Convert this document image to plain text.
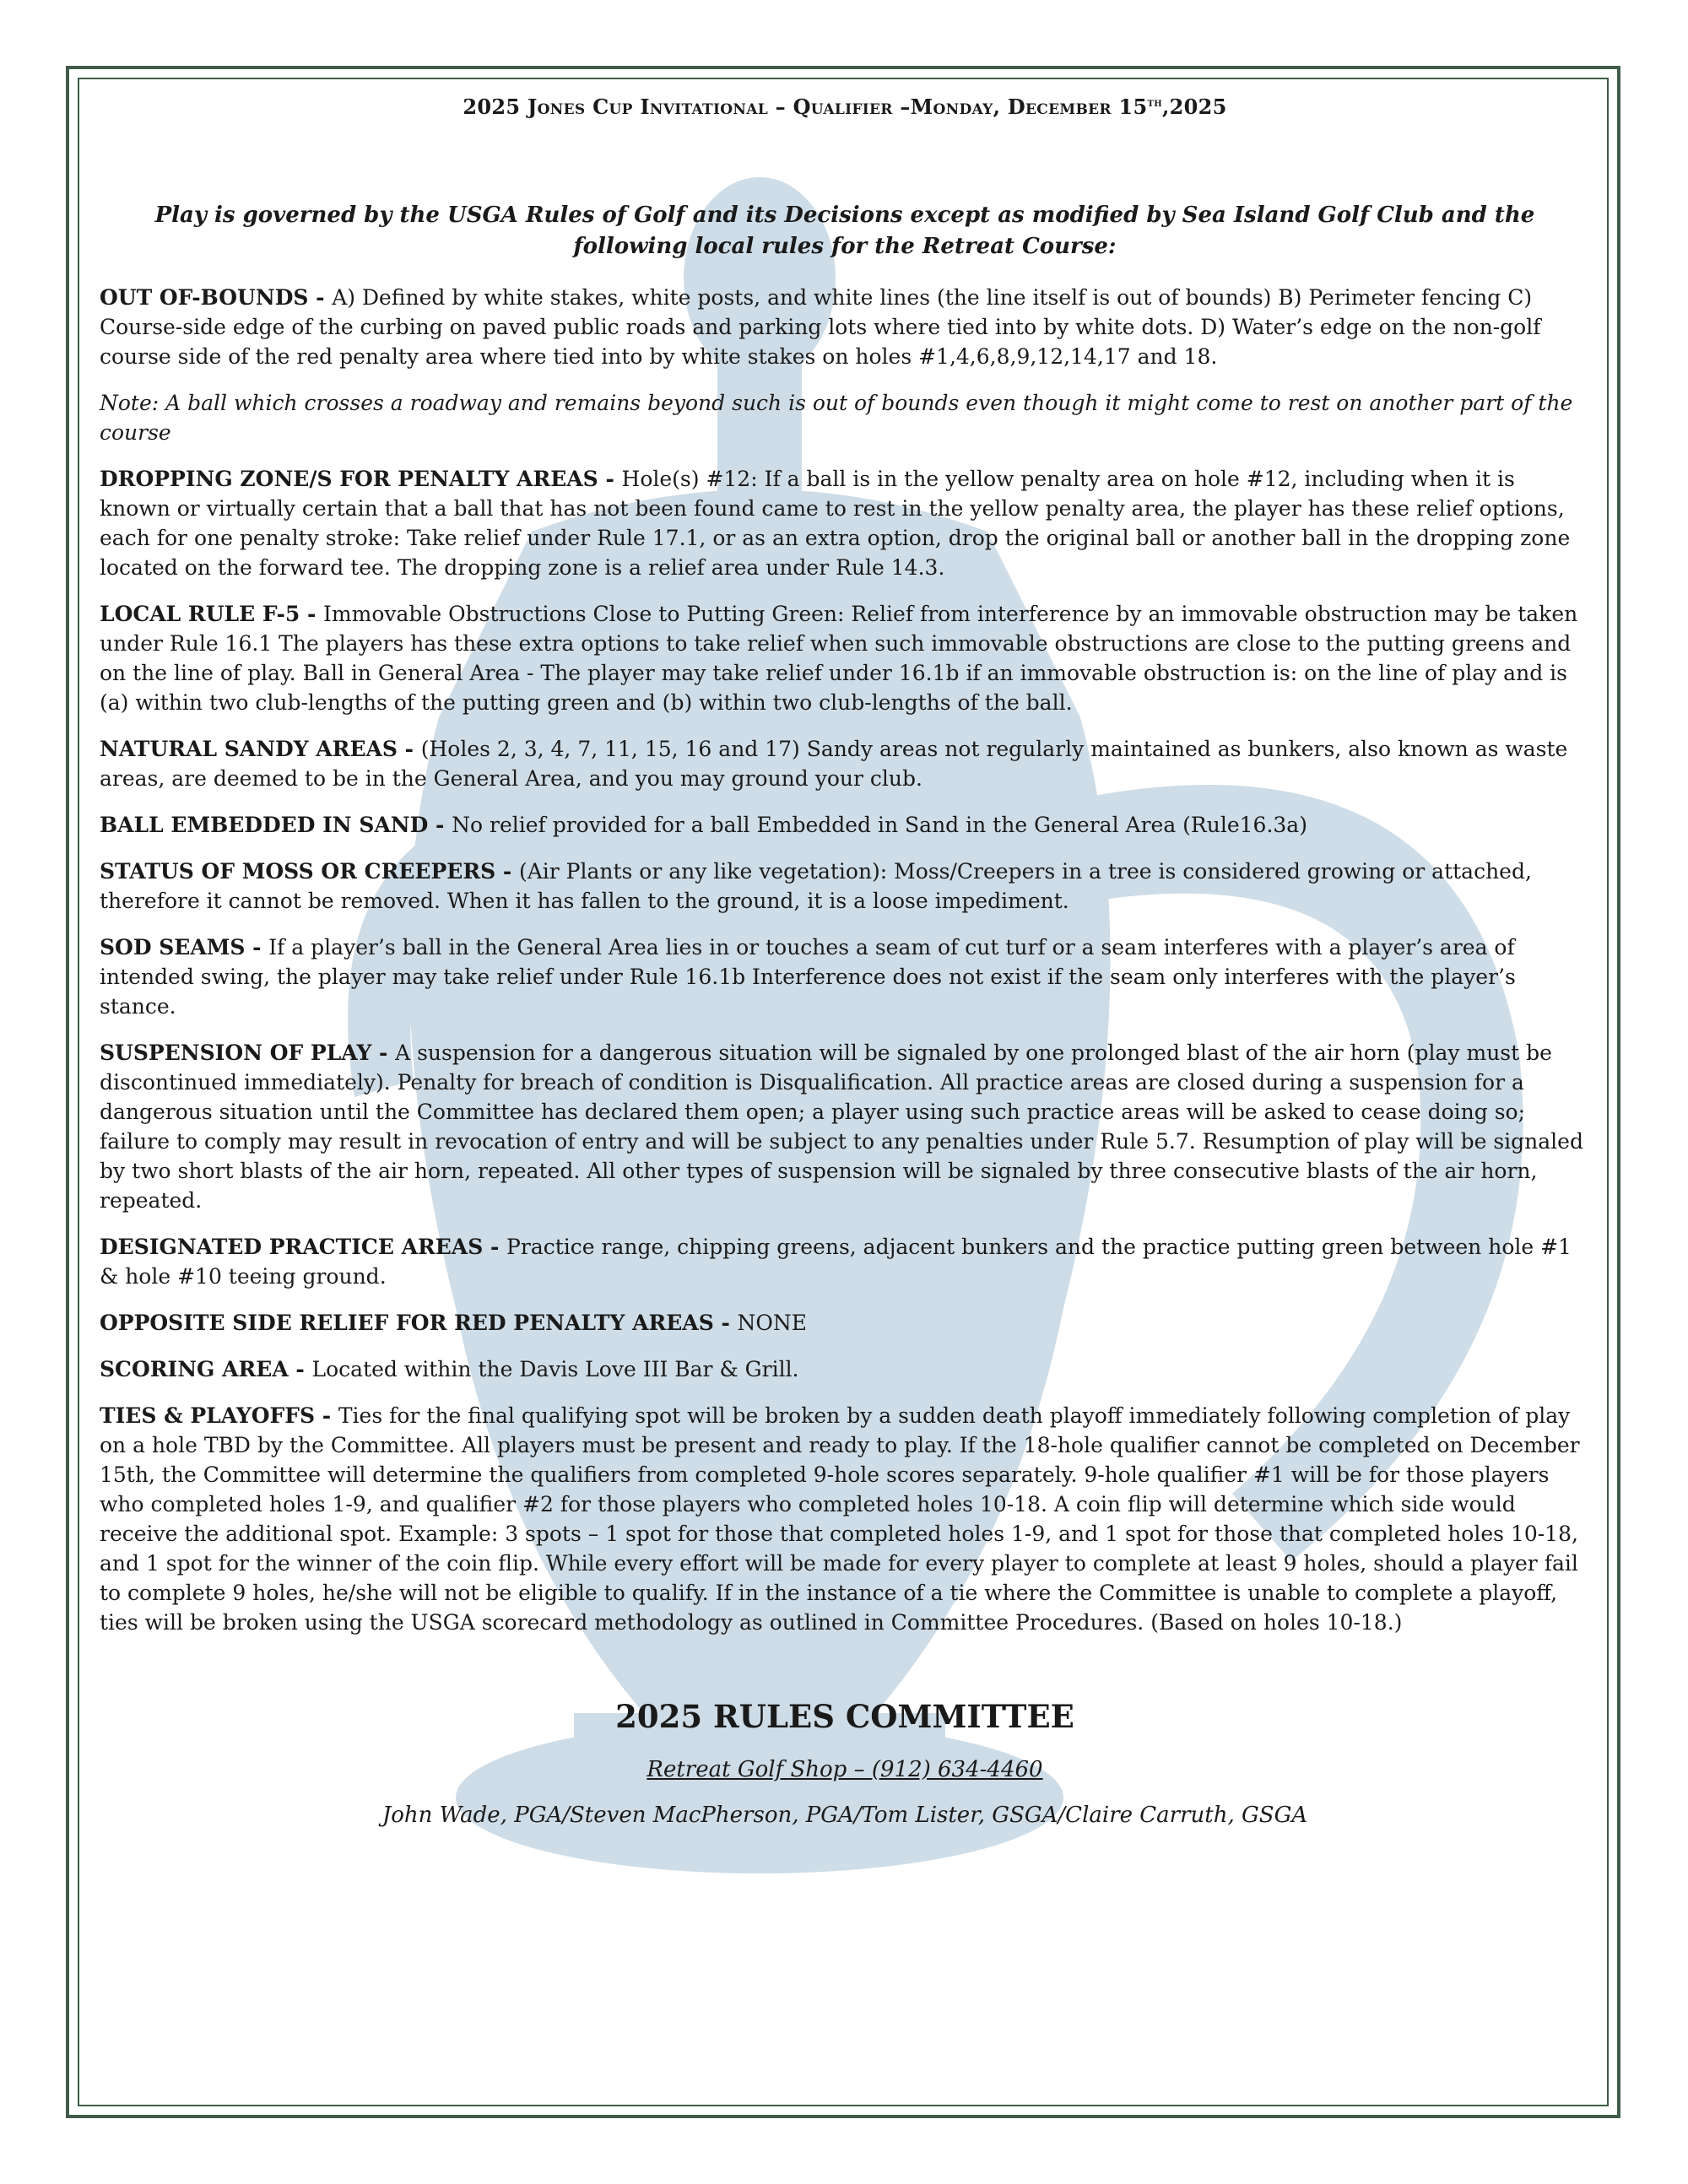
2025 Jones Cup Invitational – Qualifier –Monday, December 15th,2025

Play is governed by the USGA Rules of Golf and its Decisions except as modified by Sea Island Golf Club and the following local rules for the Retreat Course:

OUT OF-BOUNDS - A) Defined by white stakes, white posts, and white lines (the line itself is out of bounds) B) Perimeter fencing C) Course-side edge of the curbing on paved public roads and parking lots where tied into by white dots. D) Water’s edge on the non-golf course side of the red penalty area where tied into by white stakes on holes #1,4,6,8,9,12,14,17 and 18.

Note: A ball which crosses a roadway and remains beyond such is out of bounds even though it might come to rest on another part of the course

DROPPING ZONE/S FOR PENALTY AREAS - Hole(s) #12: If a ball is in the yellow penalty area on hole #12, including when it is known or virtually certain that a ball that has not been found came to rest in the yellow penalty area, the player has these relief options, each for one penalty stroke: Take relief under Rule 17.1, or as an extra option, drop the original ball or another ball in the dropping zone located on the forward tee. The dropping zone is a relief area under Rule 14.3.

LOCAL RULE F-5 - Immovable Obstructions Close to Putting Green: Relief from interference by an immovable obstruction may be taken under Rule 16.1 The players has these extra options to take relief when such immovable obstructions are close to the putting greens and on the line of play. Ball in General Area - The player may take relief under 16.1b if an immovable obstruction is: on the line of play and is (a) within two club-lengths of the putting green and (b) within two club-lengths of the ball.

NATURAL SANDY AREAS - (Holes 2, 3, 4, 7, 11, 15, 16 and 17) Sandy areas not regularly maintained as bunkers, also known as waste areas, are deemed to be in the General Area, and you may ground your club.

BALL EMBEDDED IN SAND - No relief provided for a ball Embedded in Sand in the General Area (Rule16.3a)

STATUS OF MOSS OR CREEPERS - (Air Plants or any like vegetation): Moss/Creepers in a tree is considered growing or attached, therefore it cannot be removed. When it has fallen to the ground, it is a loose impediment.

SOD SEAMS - If a player’s ball in the General Area lies in or touches a seam of cut turf or a seam interferes with a player’s area of intended swing, the player may take relief under Rule 16.1b Interference does not exist if the seam only interferes with the player’s stance.

SUSPENSION OF PLAY - A suspension for a dangerous situation will be signaled by one prolonged blast of the air horn (play must be discontinued immediately). Penalty for breach of condition is Disqualification. All practice areas are closed during a suspension for a dangerous situation until the Committee has declared them open; a player using such practice areas will be asked to cease doing so; failure to comply may result in revocation of entry and will be subject to any penalties under Rule 5.7. Resumption of play will be signaled by two short blasts of the air horn, repeated. All other types of suspension will be signaled by three consecutive blasts of the air horn, repeated.

DESIGNATED PRACTICE AREAS - Practice range, chipping greens, adjacent bunkers and the practice putting green between hole #1 & hole #10 teeing ground.

OPPOSITE SIDE RELIEF FOR RED PENALTY AREAS - NONE

SCORING AREA - Located within the Davis Love III Bar & Grill.

TIES & PLAYOFFS - Ties for the final qualifying spot will be broken by a sudden death playoff immediately following completion of play on a hole TBD by the Committee. All players must be present and ready to play. If the 18-hole qualifier cannot be completed on December 15th, the Committee will determine the qualifiers from completed 9-hole scores separately. 9-hole qualifier #1 will be for those players who completed holes 1-9, and qualifier #2 for those players who completed holes 10-18. A coin flip will determine which side would receive the additional spot. Example: 3 spots – 1 spot for those that completed holes 1-9, and 1 spot for those that completed holes 10-18, and 1 spot for the winner of the coin flip. While every effort will be made for every player to complete at least 9 holes, should a player fail to complete 9 holes, he/she will not be eligible to qualify. If in the instance of a tie where the Committee is unable to complete a playoff, ties will be broken using the USGA scorecard methodology as outlined in Committee Procedures. (Based on holes 10-18.)

2025 RULES COMMITTEE

Retreat Golf Shop – (912) 634-4460

John Wade, PGA/Steven MacPherson, PGA/Tom Lister, GSGA/Claire Carruth, GSGA
